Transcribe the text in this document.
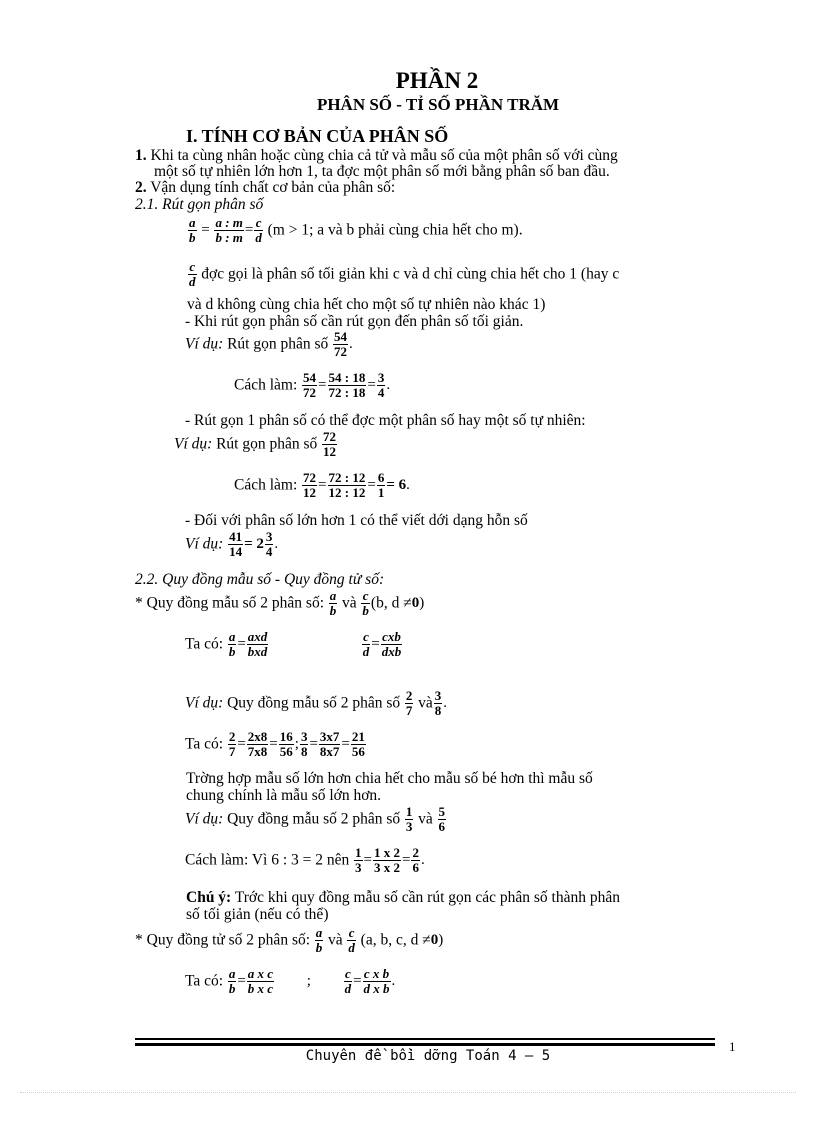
PHẦN 2
PHÂN SỐ - TỈ SỐ PHẦN TRĂM
I. TÍNH CƠ BẢN CỦA PHÂN SỐ
1. Khi ta cùng nhân hoặc cùng chia cả tử và mẫu số của một phân số với cùng
một số tự nhiên lớn hơn 1, ta đợc một phân số mới bằng phân số ban đầu.
2. Vận dụng tính chất cơ bản của phân số:
2.1. Rút gọn phân số
$\frac{a}{b} = \frac{a : m}{b : m} = \frac{c}{d} (m > 1$; a và b phải cùng chia hết cho m).
$\frac{c}{d}$ đợc gọi là phân số tối giản khi c và d chỉ cùng chia hết cho 1 (hay c
và d không cùng chia hết cho một số tự nhiên nào khác 1)
- Khi rút gọn phân số cần rút gọn đến phân số tối giản.
Ví dụ: Rút gọn phân số $\frac{54}{72}$ .
Cách làm: $\frac{54}{72} = \frac{54 : 18}{72 : 18} = \frac{3}{4}$ .
- Rút gọn 1 phân số có thể đợc một phân số hay một số tự nhiên:
Ví dụ: Rút gọn phân số $\frac{72}{12}$
Cách làm: $\frac{72}{12} = \frac{72 : 12}{12 : 12} = \frac{6}{1} = 6$.
- Đối với phân số lớn hơn 1 có thể viết dới dạng hỗn số
Ví dụ: $\frac{41}{14} = 2 \frac{3}{4}$ .
2.2. Quy đồng mẫu số - Quy đồng tử số:
* Quy đồng mẫu số 2 phân số: $\frac{a}{b}$ và $\frac{c}{b} (b$, d ≠0)
Ta có: $\frac{a}{b} = \frac{\text{axd}}{\text{bxd}}$
	$\frac{c}{d} = \frac{\text{cxb}}{\text{dxb}}$
Ví dụ: Quy đồng mẫu số 2 phân số $\frac{2}{7}$ và $\frac{3}{8}$ .
Ta có: $\frac{2}{7} = \frac{2x8}{7x8} = \frac{16}{56}$ ; $\frac{3}{8} = \frac{3x7}{8x7} = \frac{21}{56}$
Trờng hợp mẫu số lớn hơn chia hết cho mẫu số bé hơn thì mẫu số
chung chính là mẫu số lớn hơn.
Ví dụ: Quy đồng mẫu số 2 phân số $\frac{1}{3}$ và $\frac{5}{6}$
Cách làm: Vì 6 : 3 = 2 nên $\frac{1}{3} = \frac{1 x 2}{3 x 2} = \frac{2}{6}$ .
Chú ý: Trớc khi quy đồng mẫu số cần rút gọn các phân số thành phân
số tối giản (nếu có thể)
* Quy đồng tử số 2 phân số: $\frac{a}{b}$ và $\frac{c}{d} (a$, b, c, d ≠0)
Ta có: $\frac{a}{b} = \frac{\text{a x c}}{\text{b x c}}$ ;	$\frac{c}{d} = \frac{\text{c x b}}{\text{d x b}}$ .
Chuyên đề bồi dỡng Toán 4 – 5
1
